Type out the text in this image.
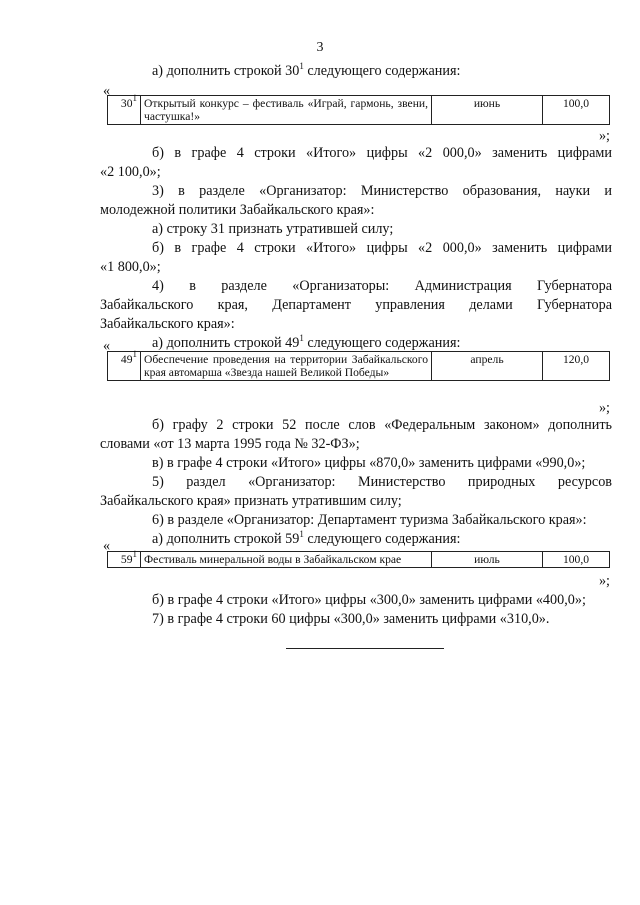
3
а) дополнить строкой $30^1$ следующего содержания:
«
$30^1$	Открытый конкурс – фестиваль «Играй, гармонь, звени, частушка!»	июнь	100,0
»;
б) в графе 4 строки «Итого» цифры «2 000,0» заменить цифрами
«2 100,0»;
3) в разделе «Организатор: Министерство образования, науки и
молодежной политики Забайкальского края»:
а) строку 31 признать утратившей силу;
б) в графе 4 строки «Итого» цифры «2 000,0» заменить цифрами
«1 800,0»;
4) в разделе «Организаторы: Администрация Губернатора
Забайкальского края, Департамент управления делами Губернатора
Забайкальского края»:
а) дополнить строкой $49^1$ следующего содержания:
«
$49^1$	Обеспечение проведения на территории Забайкальского края автомарша «Звезда нашей Великой Победы»	апрель	120,0
»;
б) графу 2 строки 52 после слов «Федеральным законом» дополнить
словами «от 13 марта 1995 года № 32-ФЗ»;
в) в графе 4 строки «Итого» цифры «870,0» заменить цифрами «990,0»;
5) раздел «Организатор: Министерство природных ресурсов
Забайкальского края» признать утратившим силу;
6) в разделе «Организатор: Департамент туризма Забайкальского края»:
а) дополнить строкой $59^1$ следующего содержания:
«
$59^1$	Фестиваль минеральной воды в Забайкальском крае	июль	100,0
»;
б) в графе 4 строки «Итого» цифры «300,0» заменить цифрами «400,0»;
7) в графе 4 строки 60 цифры «300,0» заменить цифрами «310,0».
